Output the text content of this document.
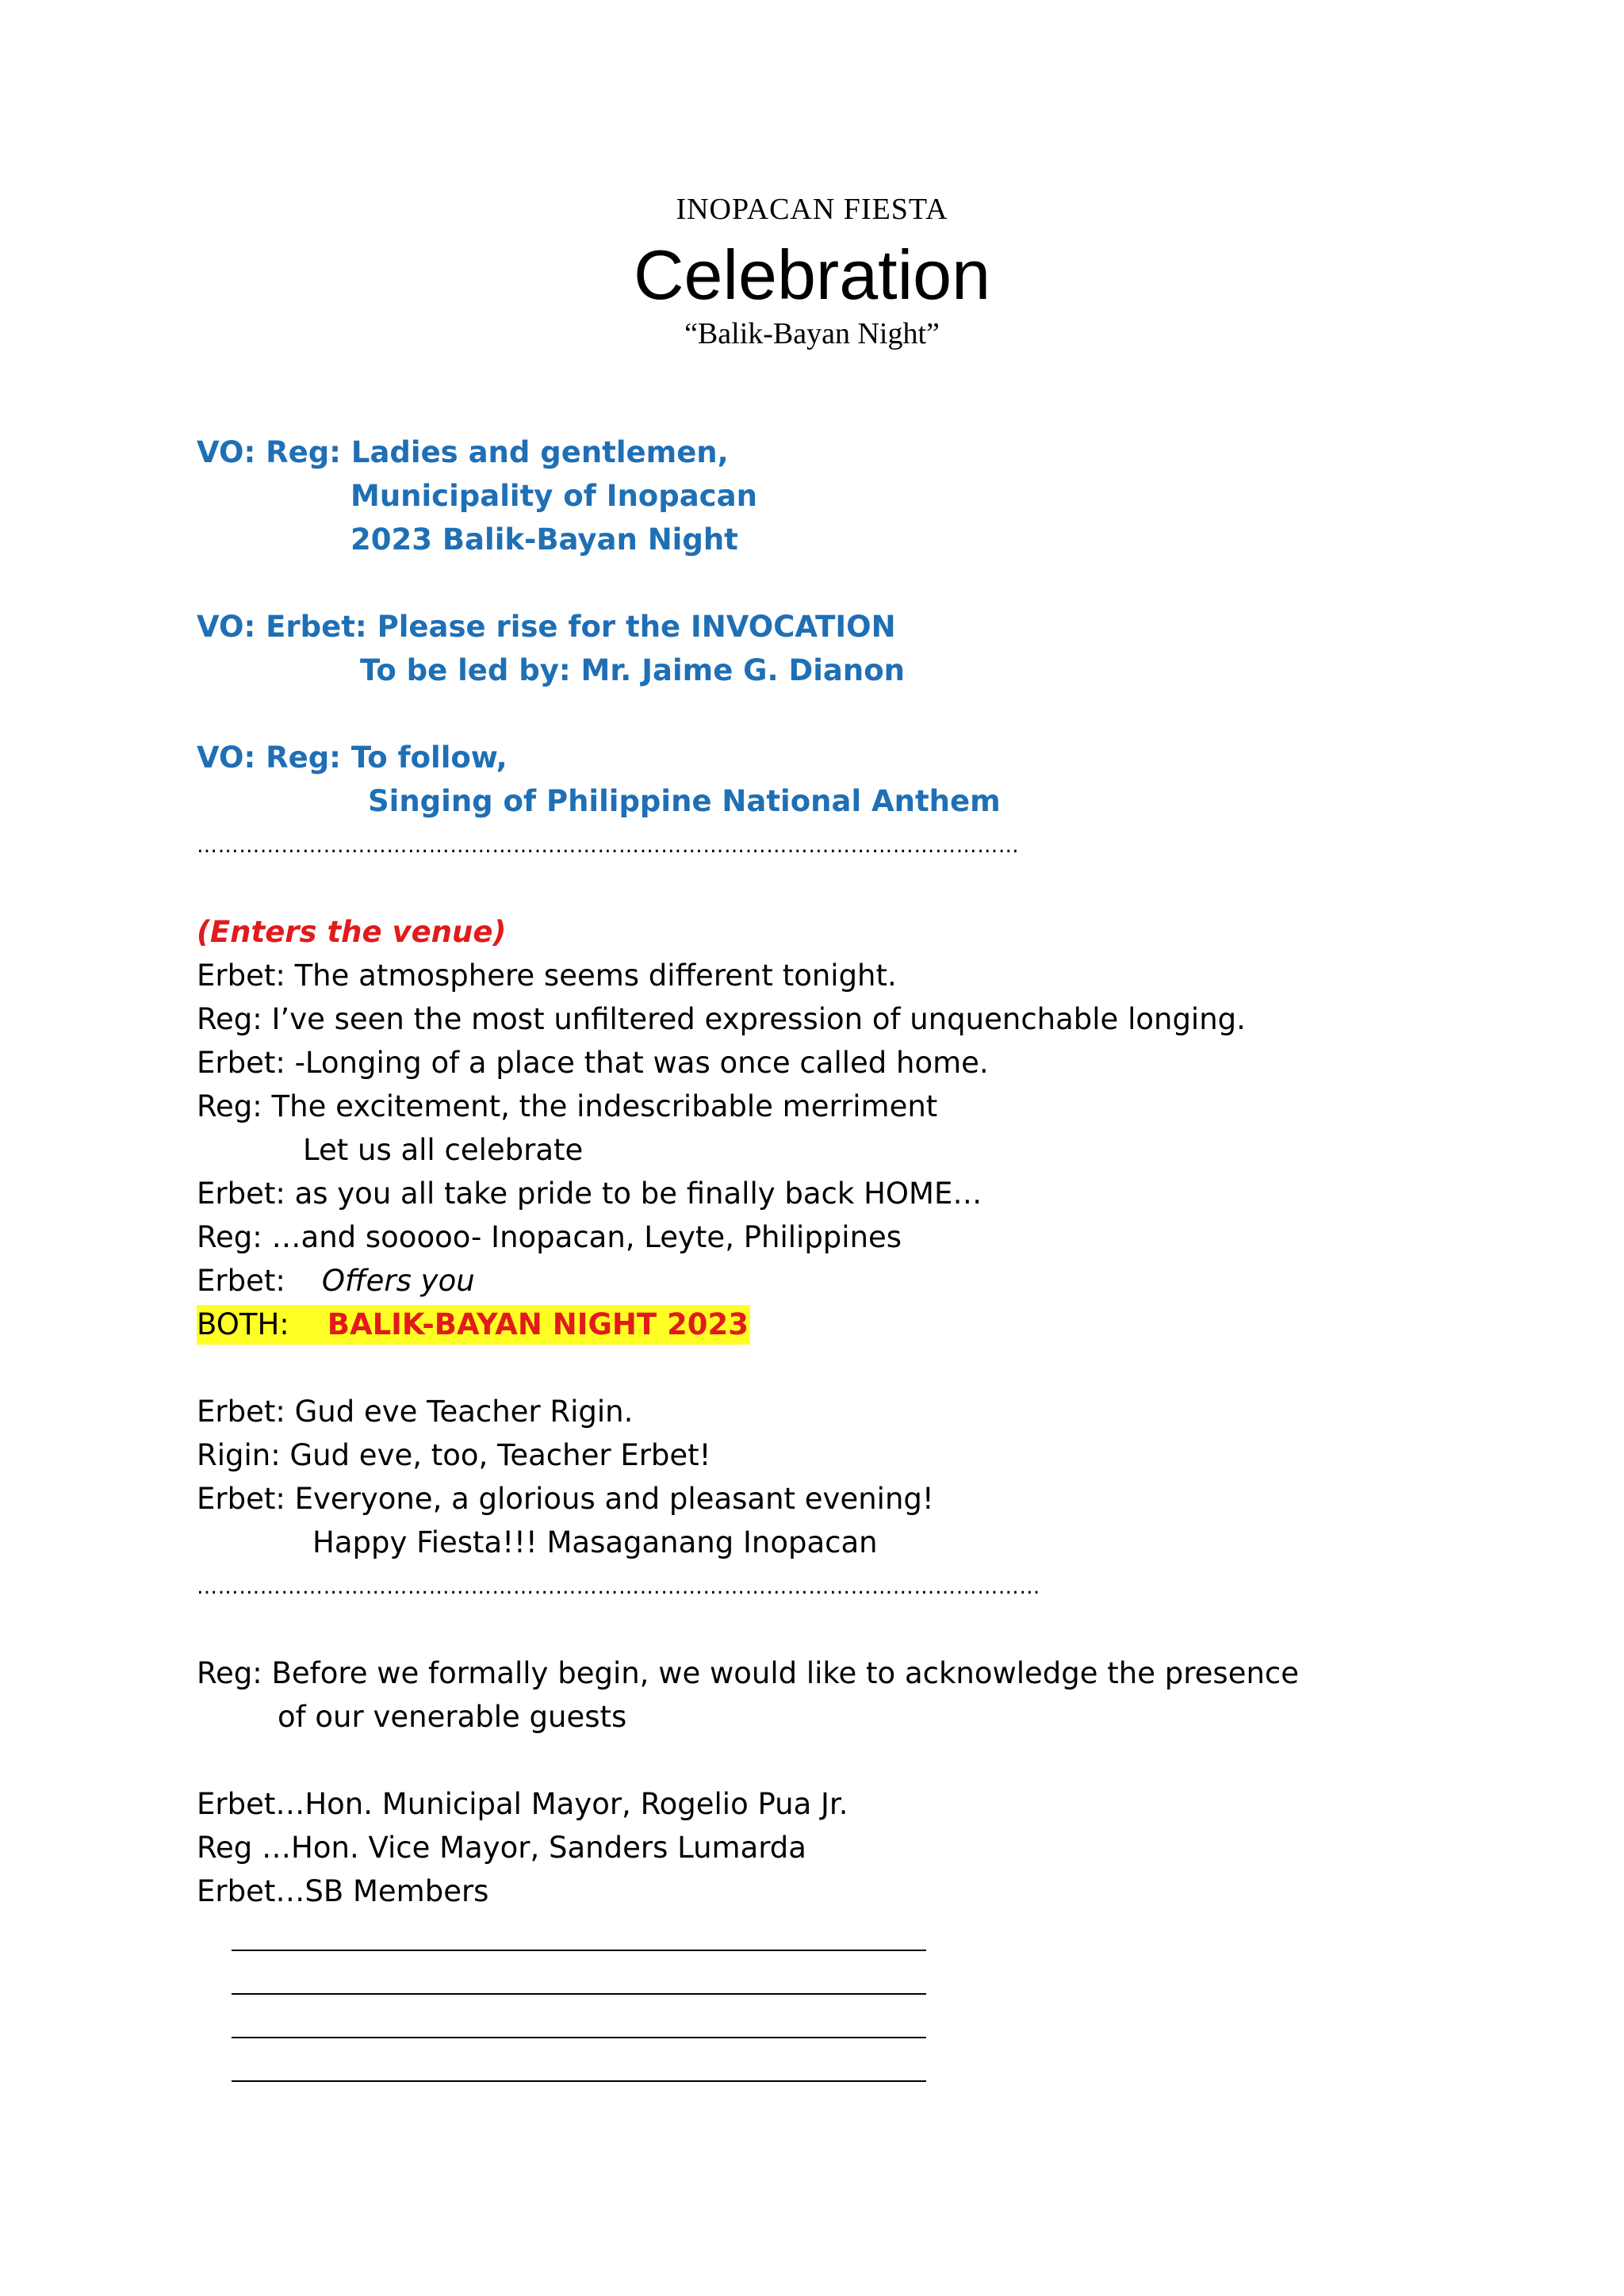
INOPACAN FIESTA
Celebration
“Balik-Bayan Night”
VO: Reg: Ladies and gentlemen,
Municipality of Inopacan
2023 Balik-Bayan Night
VO: Erbet: Please rise for the INVOCATION
To be led by: Mr. Jaime G. Dianon
VO: Reg: To follow,
Singing of Philippine National Anthem
………………………………………………………………………………………………………
(Enters the venue)
Erbet: The atmosphere seems different tonight.
Reg: I’ve seen the most unfiltered expression of unquenchable longing.
Erbet: -Longing of a place that was once called home.
Reg: The excitement, the indescribable merriment
Let us all celebrate
Erbet: as you all take pride to be finally back HOME…
Reg: …and sooooo- Inopacan, Leyte, Philippines
Erbet: Offers you
BOTH: BALIK-BAYAN NIGHT 2023
Erbet: Gud eve Teacher Rigin.
Rigin: Gud eve, too, Teacher Erbet!
Erbet: Everyone, a glorious and pleasant evening!
Happy Fiesta!!! Masaganang Inopacan
…………………………………………………………………………………………………………
Reg: Before we formally begin, we would like to acknowledge the presence
of our venerable guests
Erbet…Hon. Municipal Mayor, Rogelio Pua Jr.
Reg …Hon. Vice Mayor, Sanders Lumarda
Erbet…SB Members
